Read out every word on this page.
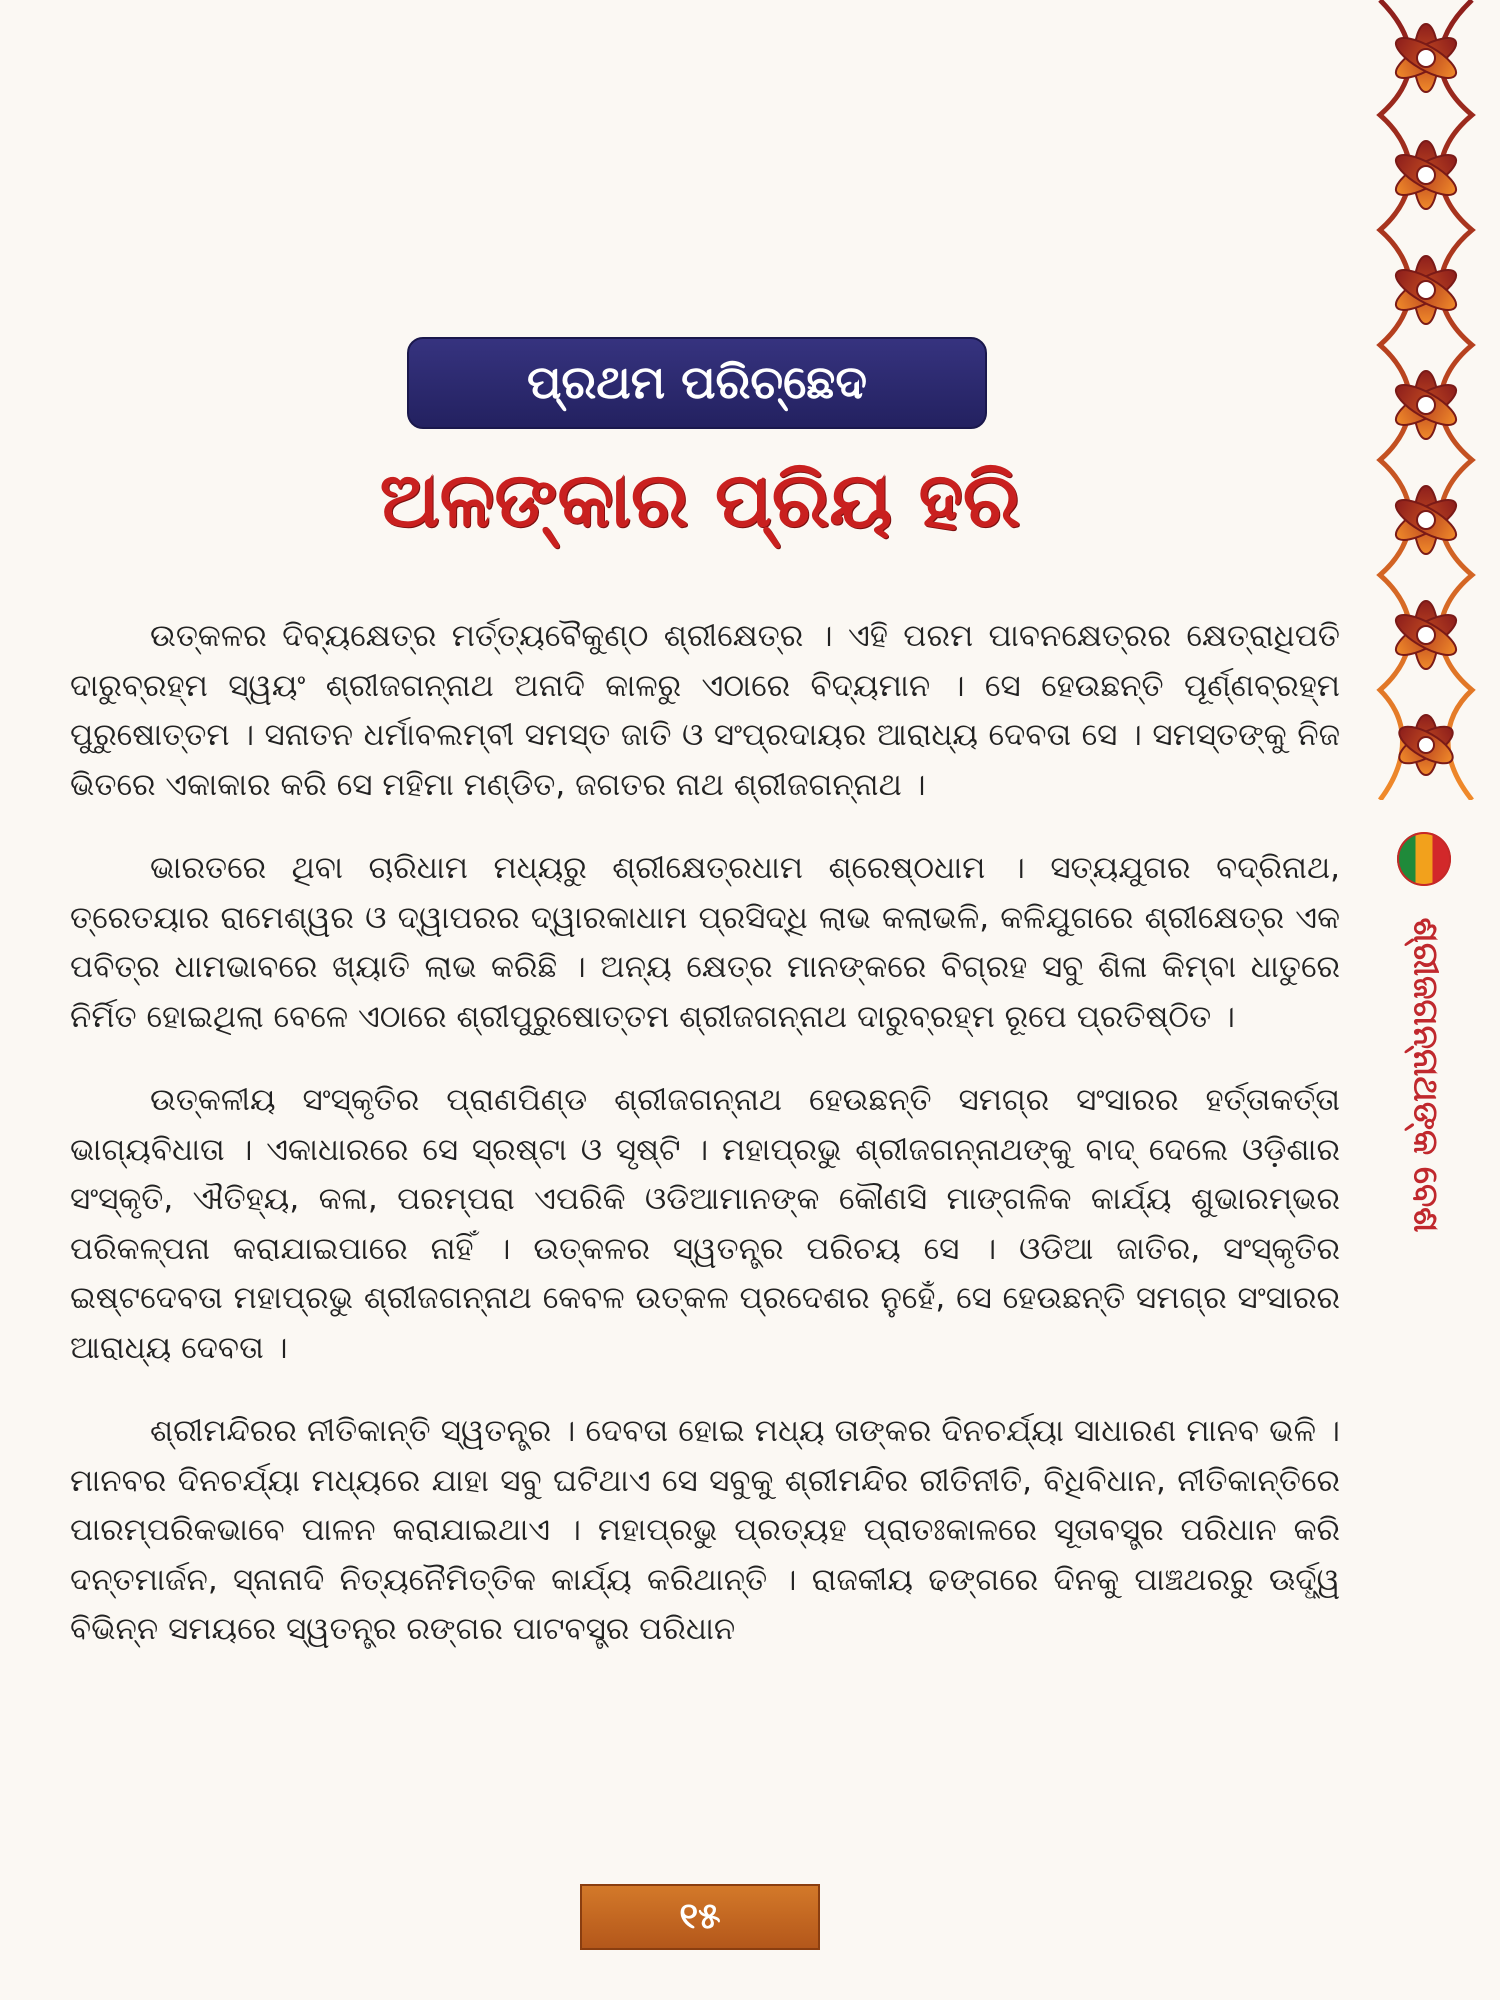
ଶ୍ରୀଜଗନ୍ନାଥଙ୍କ ବେଶ
ପ୍ରଥମ ପରିଚ୍ଛେଦ
ଅଳଙ୍କାର ପ୍ରିୟ ହରି

ଉତ୍କଳର ଦିବ୍ୟକ୍ଷେତ୍ର ମର୍ତ୍ତ୍ୟବୈକୁଣ୍ଠ ଶ୍ରୀକ୍ଷେତ୍ର । ଏହି ପରମ ପାବନକ୍ଷେତ୍ରର କ୍ଷେତ୍ରାଧିପତି ଦାରୁବ୍ରହ୍ମ ସ୍ୱୟଂ ଶ୍ରୀଜଗନ୍ନାଥ ଅନାଦି କାଳରୁ ଏଠାରେ ବିଦ୍ୟମାନ । ସେ ହେଉଛନ୍ତି ପୂର୍ଣ୍ଣବ୍ରହ୍ମ ପୁରୁଷୋତ୍ତମ । ସନାତନ ଧର୍ମାବଲମ୍ବୀ ସମସ୍ତ ଜାତି ଓ ସଂପ୍ରଦାୟର ଆରାଧ୍ୟ ଦେବତା ସେ । ସମସ୍ତଙ୍କୁ ନିଜ ଭିତରେ ଏକାକାର କରି ସେ ମହିମା ମଣ୍ଡିତ, ଜଗତର ନାଥ ଶ୍ରୀଜଗନ୍ନାଥ ।

ଭାରତରେ ଥିବା ଚାରିଧାମ ମଧ୍ୟରୁ ଶ୍ରୀକ୍ଷେତ୍ରଧାମ ଶ୍ରେଷ୍ଠଧାମ । ସତ୍ୟଯୁଗର ବଦ୍ରିନାଥ, ତ୍ରେତୟାର ରାମେଶ୍ୱର ଓ ଦ୍ୱାପରର ଦ୍ୱାରକାଧାମ ପ୍ରସିଦ୍ଧି ଲାଭ କଲାଭଳି, କଳିଯୁଗରେ ଶ୍ରୀକ୍ଷେତ୍ର ଏକ ପବିତ୍ର ଧାମଭାବରେ ଖ୍ୟାତି ଲାଭ କରିଛି । ଅନ୍ୟ କ୍ଷେତ୍ର ମାନଙ୍କରେ ବିଗ୍ରହ ସବୁ ଶିଳା କିମ୍ବା ଧାତୁରେ ନିର୍ମିତ ହୋଇଥିଲା ବେଳେ ଏଠାରେ ଶ୍ରୀପୁରୁଷୋତ୍ତମ ଶ୍ରୀଜଗନ୍ନାଥ ଦାରୁବ୍ରହ୍ମ ରୂପେ ପ୍ରତିଷ୍ଠିତ ।

ଉତ୍କଳୀୟ ସଂସ୍କୃତିର ପ୍ରାଣପିଣ୍ଡ ଶ୍ରୀଜଗନ୍ନାଥ ହେଉଛନ୍ତି ସମଗ୍ର ସଂସାରର ହର୍ତ୍ତାକର୍ତ୍ତା ଭାଗ୍ୟବିଧାତା । ଏକାଧାରରେ ସେ ସ୍ରଷ୍ଟା ଓ ସୃଷ୍ଟି । ମହାପ୍ରଭୁ ଶ୍ରୀଜଗନ୍ନାଥଙ୍କୁ ବାଦ୍ ଦେଲେ ଓଡ଼ିଶାର ସଂସ୍କୃତି, ଐତିହ୍ୟ, କଳା, ପରମ୍ପରା ଏପରିକି ଓଡିଆମାନଙ୍କ କୌଣସି ମାଙ୍ଗଳିକ କାର୍ଯ୍ୟ ଶୁଭାରମ୍ଭର ପରିକଳ୍ପନା କରାଯାଇପାରେ ନାହିଁ । ଉତ୍କଳର ସ୍ୱତନ୍ତ୍ର ପରିଚୟ ସେ । ଓଡିଆ ଜାତିର, ସଂସ୍କୃତିର ଇଷ୍ଟଦେବତା ମହାପ୍ରଭୁ ଶ୍ରୀଜଗନ୍ନାଥ କେବଳ ଉତ୍କଳ ପ୍ରଦେଶର ନୁହେଁ, ସେ ହେଉଛନ୍ତି ସମଗ୍ର ସଂସାରର ଆରାଧ୍ୟ ଦେବତା ।

ଶ୍ରୀମନ୍ଦିରର ନୀତିକାନ୍ତି ସ୍ୱତନ୍ତ୍ର । ଦେବତା ହୋଇ ମଧ୍ୟ ତାଙ୍କର ଦିନଚର୍ଯ୍ୟା ସାଧାରଣ ମାନବ ଭଳି । ମାନବର ଦିନଚର୍ଯ୍ୟା ମଧ୍ୟରେ ଯାହା ସବୁ ଘଟିଥାଏ ସେ ସବୁକୁ ଶ୍ରୀମନ୍ଦିର ରୀତିନୀତି, ବିଧିବିଧାନ, ନୀତିକାନ୍ତିରେ ପାରମ୍ପରିକଭାବେ ପାଳନ କରାଯାଇଥାଏ । ମହାପ୍ରଭୁ ପ୍ରତ୍ୟହ ପ୍ରାତଃକାଳରେ ସୂତାବସ୍ତ୍ର ପରିଧାନ କରି ଦନ୍ତମାର୍ଜନ, ସ୍ନାନାଦି ନିତ୍ୟନୈମିତ୍ତିକ କାର୍ଯ୍ୟ କରିଥାନ୍ତି । ରାଜକୀୟ ଢଙ୍ଗରେ ଦିନକୁ ପାଞ୍ଚଥରରୁ ଊର୍ଦ୍ଧ୍ୱ ବିଭିନ୍ନ ସମୟରେ ସ୍ୱତନ୍ତ୍ର ରଙ୍ଗର ପାଟବସ୍ତ୍ର ପରିଧାନ

୧୫
